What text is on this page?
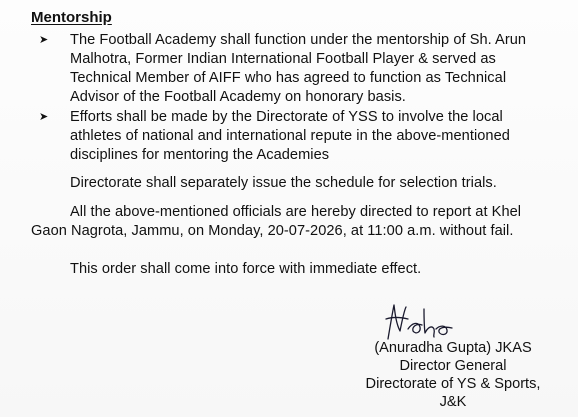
Mentorship
➤ The Football Academy shall function under the mentorship of Sh. Arun
Malhotra, Former Indian International Football Player & served as
Technical Member of AIFF who has agreed to function as Technical
Advisor of the Football Academy on honorary basis.
➤ Efforts shall be made by the Directorate of YSS to involve the local
athletes of national and international repute in the above-mentioned
disciplines for mentoring the Academies
Directorate shall separately issue the schedule for selection trials.
All the above-mentioned officials are hereby directed to report at Khel
Gaon Nagrota, Jammu, on Monday, 20-07-2026, at 11:00 a.m. without fail.
This order shall come into force with immediate effect.
(Anuradha Gupta) JKAS
Director General
Directorate of YS & Sports,
J&K
